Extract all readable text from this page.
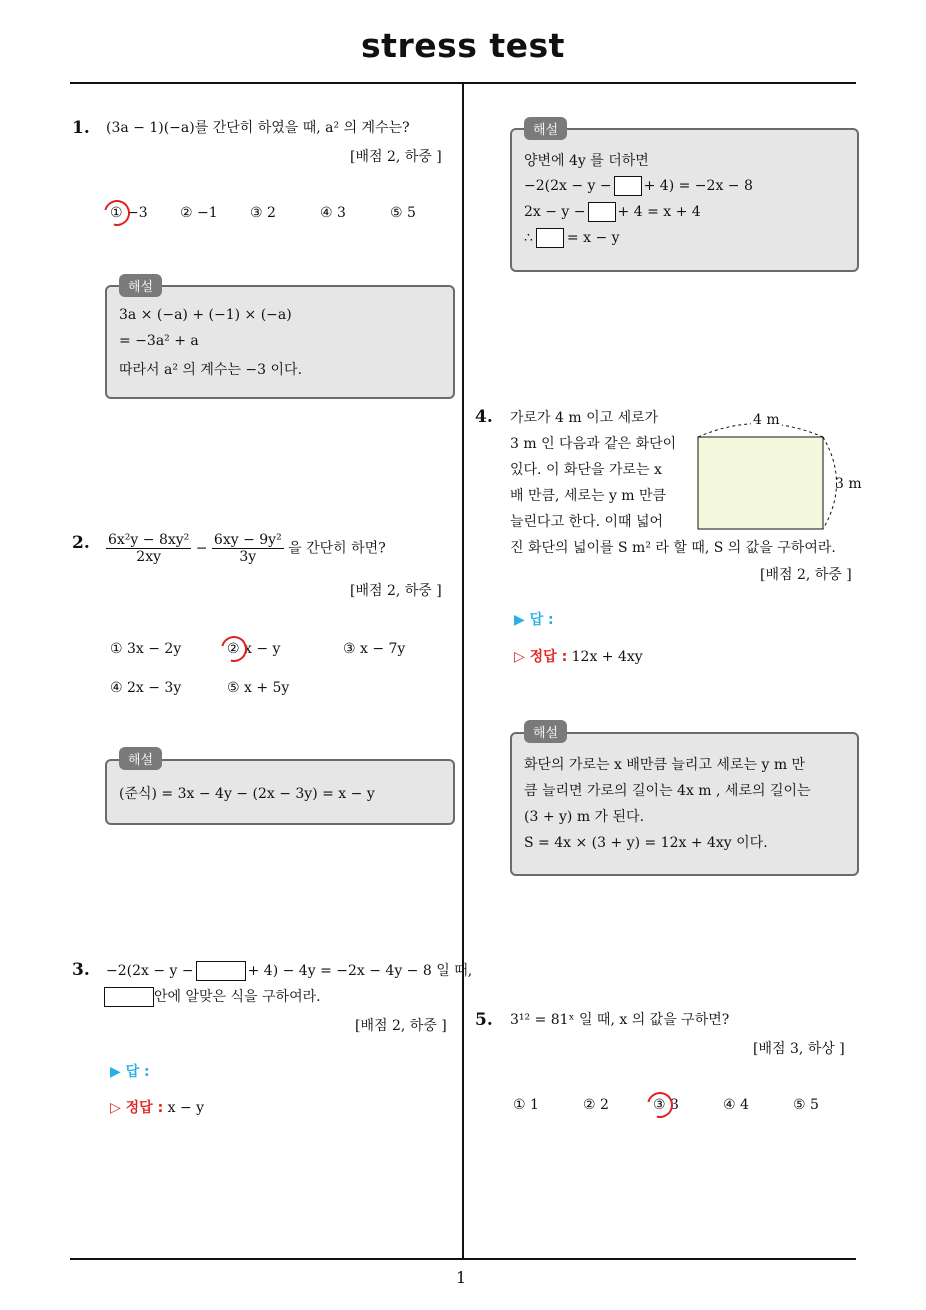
stress test
1
1. (3a − 1)(−a)를 간단히 하였을 때, a² 의 계수는?
[배점 2, 하중 ]
① −3 ② −1 ③ 2	④ 3	⑤ 5
3a × (−a) + (−1) × (−a)
= −3a² + a
따라서 a² 의 계수는 −3 이다.
해설
2. $\frac{\text{6x²y − 8xy²}}{2xy} - \frac{\text{6xy − 9y²}}{3y}$ 을 간단히 하면?
[배점 2, 하중 ]
① 3x − 2y	② x − y	③ x − 7y
④ 2x − 3y	⑤ x + 5y
(준식) = 3x − 4y − (2x − 3y) = x − y
해설
3. −2(2x − y −	+ 4) − 4y = −2x − 4y − 8 일 때,
안에 알맞은 식을 구하여라.
[배점 2, 하중 ]
▶ 답 :
▷ 정답 : x − y
양변에 4y 를 더하면
−2(2x − y − + 4) = −2x − 8
2x − y − + 4 = x + 4
∴ = x − y
해설
4. 가로가 4 m 이고 세로가
3 m 인 다음과 같은 화단이
있다. 이 화단을 가로는 x
배 만큼, 세로는 y m 만큼
늘린다고 한다. 이때 넓어
진 화단의 넓이를 S m² 라 할 때, S 의 값을 구하여라.
4 m
3 m
[배점 2, 하중 ]
▶ 답 :
▷ 정답 : 12x + 4xy
화단의 가로는 x 배만큼 늘리고 세로는 y m 만
큼 늘리면 가로의 길이는 4x m , 세로의 길이는
(3 + y) m 가 된다.
S = 4x × (3 + y) = 12x + 4xy 이다.
해설
5. 3¹² = 81ˣ 일 때, x 의 값을 구하면?
[배점 3, 하상 ]
① 1	② 2	③ 3	④ 4	⑤ 5
